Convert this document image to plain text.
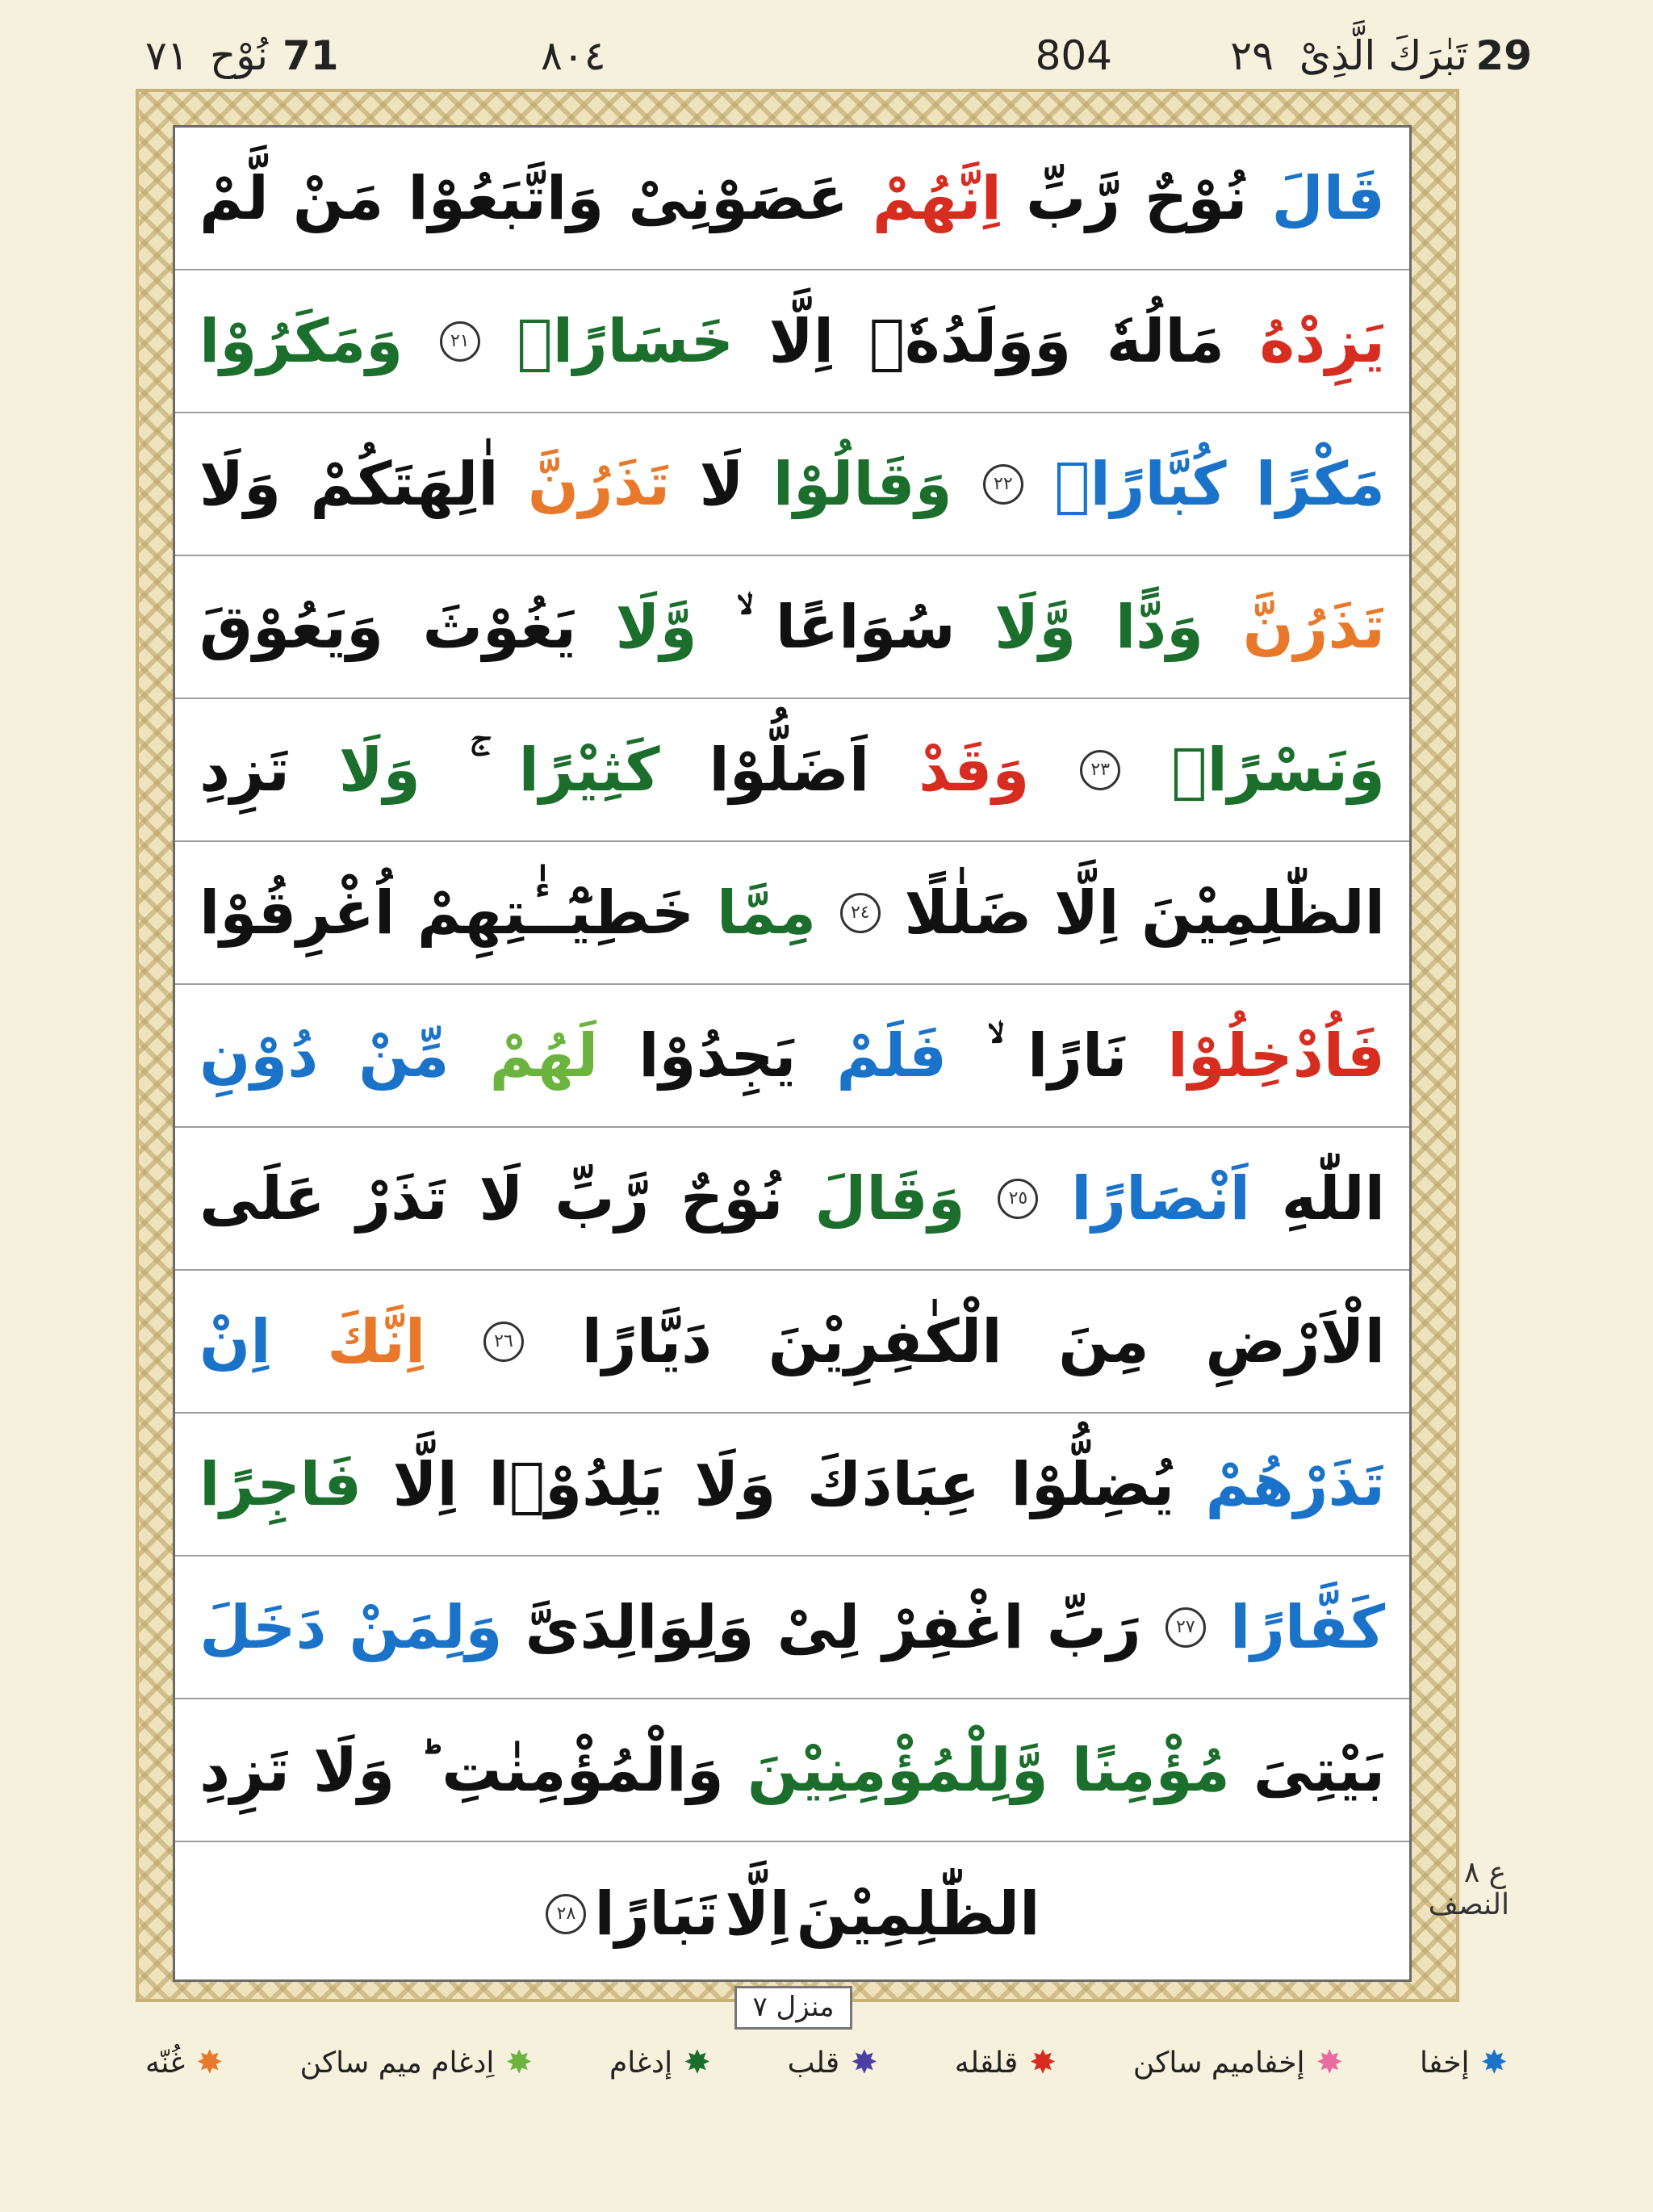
29
تَبٰرَكَ الَّذِیْ
٢٩
804
٨٠٤
71
نُوْح
٧١
قَالَ
نُوْحٌ
رَّبِّ
اِنَّهُمْ
عَصَوْنِیْ
وَاتَّبَعُوْا
مَنْ
لَّمْ
یَزِدْهُ
مَالُهٗ
وَوَلَدُهٗۤ
اِلَّا
خَسَارًاۚ
٢١
وَمَكَرُوْا
مَكْرًا
كُبَّارًاۚ
٢٢
وَقَالُوْا
لَا
تَذَرُنَّ
اٰلِهَتَكُمْ
وَلَا
تَذَرُنَّ
وَدًّا
وَّلَا
سُوَاعًا
وَّلَا
یَغُوْثَ
وَیَعُوْقَ
وَنَسْرًاۚ
٢٣
وَقَدْ
اَضَلُّوْا
كَثِیْرًا
وَلَا
تَزِدِ
الظّٰلِمِیْنَ
اِلَّا
ضَلٰلًا
٢٤
مِمَّا
خَطِیْٓــٰٔتِهِمْ
اُغْرِقُوْا
فَاُدْخِلُوْا
نَارًا
فَلَمْ
یَجِدُوْا
لَهُمْ
مِّنْ
دُوْنِ
اللّٰهِ
اَنْصَارًا
٢٥
وَقَالَ
نُوْحٌ
رَّبِّ
لَا
تَذَرْ
عَلَی
الْاَرْضِ
مِنَ
الْكٰفِرِیْنَ
دَیَّارًا
٢٦
اِنَّكَ
اِنْ
تَذَرْهُمْ
یُضِلُّوْا
عِبَادَكَ
وَلَا
یَلِدُوْۤا
اِلَّا
فَاجِرًا
كَفَّارًا
٢٧
رَبِّ
اغْفِرْ
لِیْ
وَلِوَالِدَیَّ
وَلِمَنْ
دَخَلَ
بَیْتِیَ
مُؤْمِنًا
وَّلِلْمُؤْمِنِیْنَ
وَالْمُؤْمِنٰتِ
وَلَا
تَزِدِ
الظّٰلِمِیْنَ
اِلَّا
تَبَارًا
٢٨
منزل ٧
ع ٨ النصف
✸
إخفا
✸
إخفاميم ساكن
✸
قلقله
✸
قلب
✸
إدغام
✸
اِدغام ميم ساكن
✸
غُنّه
